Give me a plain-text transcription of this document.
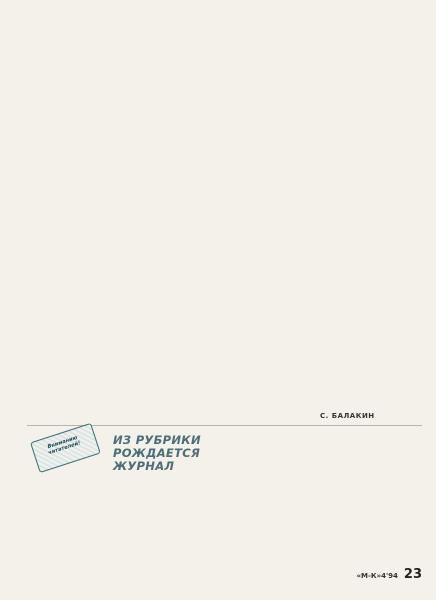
С. БАЛАКИН
Вниманию читателей!
ИЗ РУБРИКИ РОЖДАЕТСЯ ЖУРНАЛ

«М-К»4'94 23
